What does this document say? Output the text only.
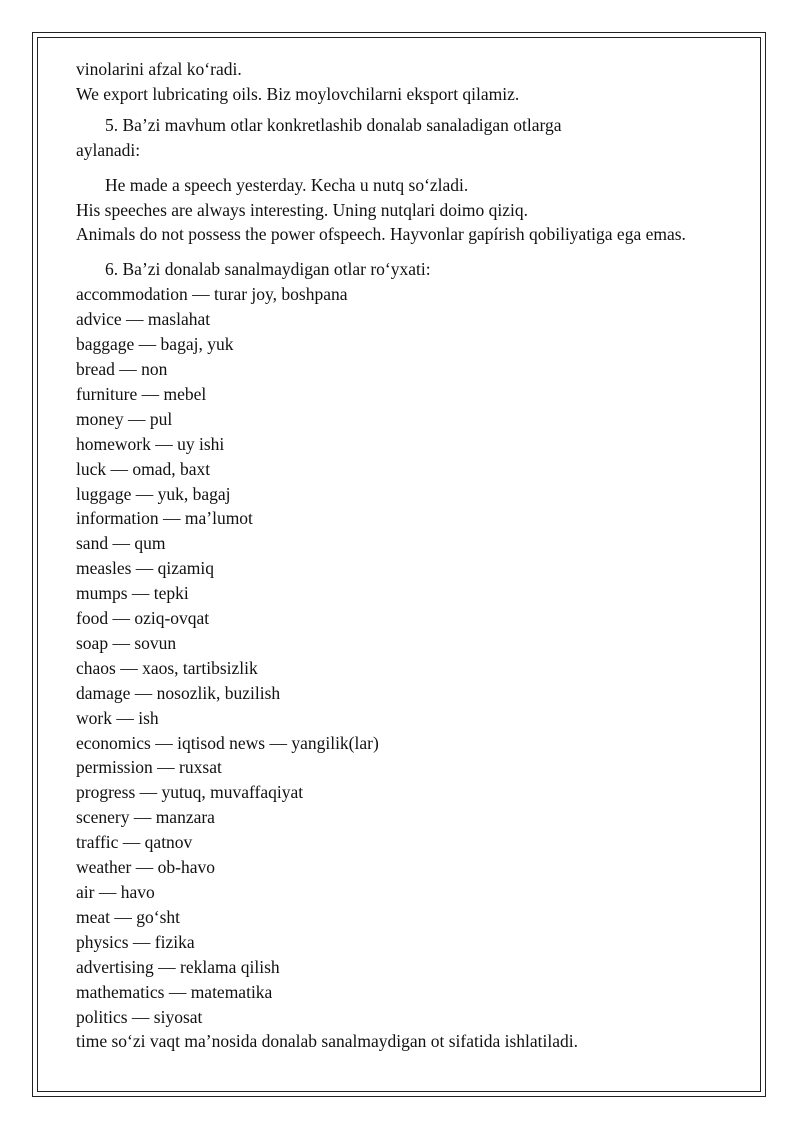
vinolarini afzal ko‘radi.
We export lubricating oils. Biz moylovchilarni eksport qilamiz.
5. Ba’zi mavhum otlar konkretlashib donalab sanaladigan otlarga
aylanadi:
He made a speech yesterday. Kecha u nutq so‘zladi.
His speeches are always interesting. Uning nutqlari doimo qiziq.
Animals do not possess the power ofspeech. Hayvonlar gapírish qobiliyatiga ega emas.
6. Ba’zi donalab sanalmaydigan otlar ro‘yxati:
accommodation — turar joy, boshpana
advice — maslahat
baggage — bagaj, yuk
bread — non
furniture — mebel
money — pul
homework — uy ishi
luck — omad, baxt
luggage — yuk, bagaj
information — ma’lumot
sand — qum
measles — qizamiq
mumps — tepki
food — oziq-ovqat
soap — sovun
chaos — xaos, tartibsizlik
damage — nosozlik, buzilish
work — ish
economics — iqtisod news — yangilik(lar)
permission — ruxsat
progress — yutuq, muvaffaqiyat
scenery — manzara
traffic — qatnov
weather — ob-havo
air — havo
meat — go‘sht
physics — fizika
advertising — reklama qilish
mathematics — matematika
politics — siyosat
time so‘zi vaqt ma’nosida donalab sanalmaydigan ot sifatida ishlatiladi.
